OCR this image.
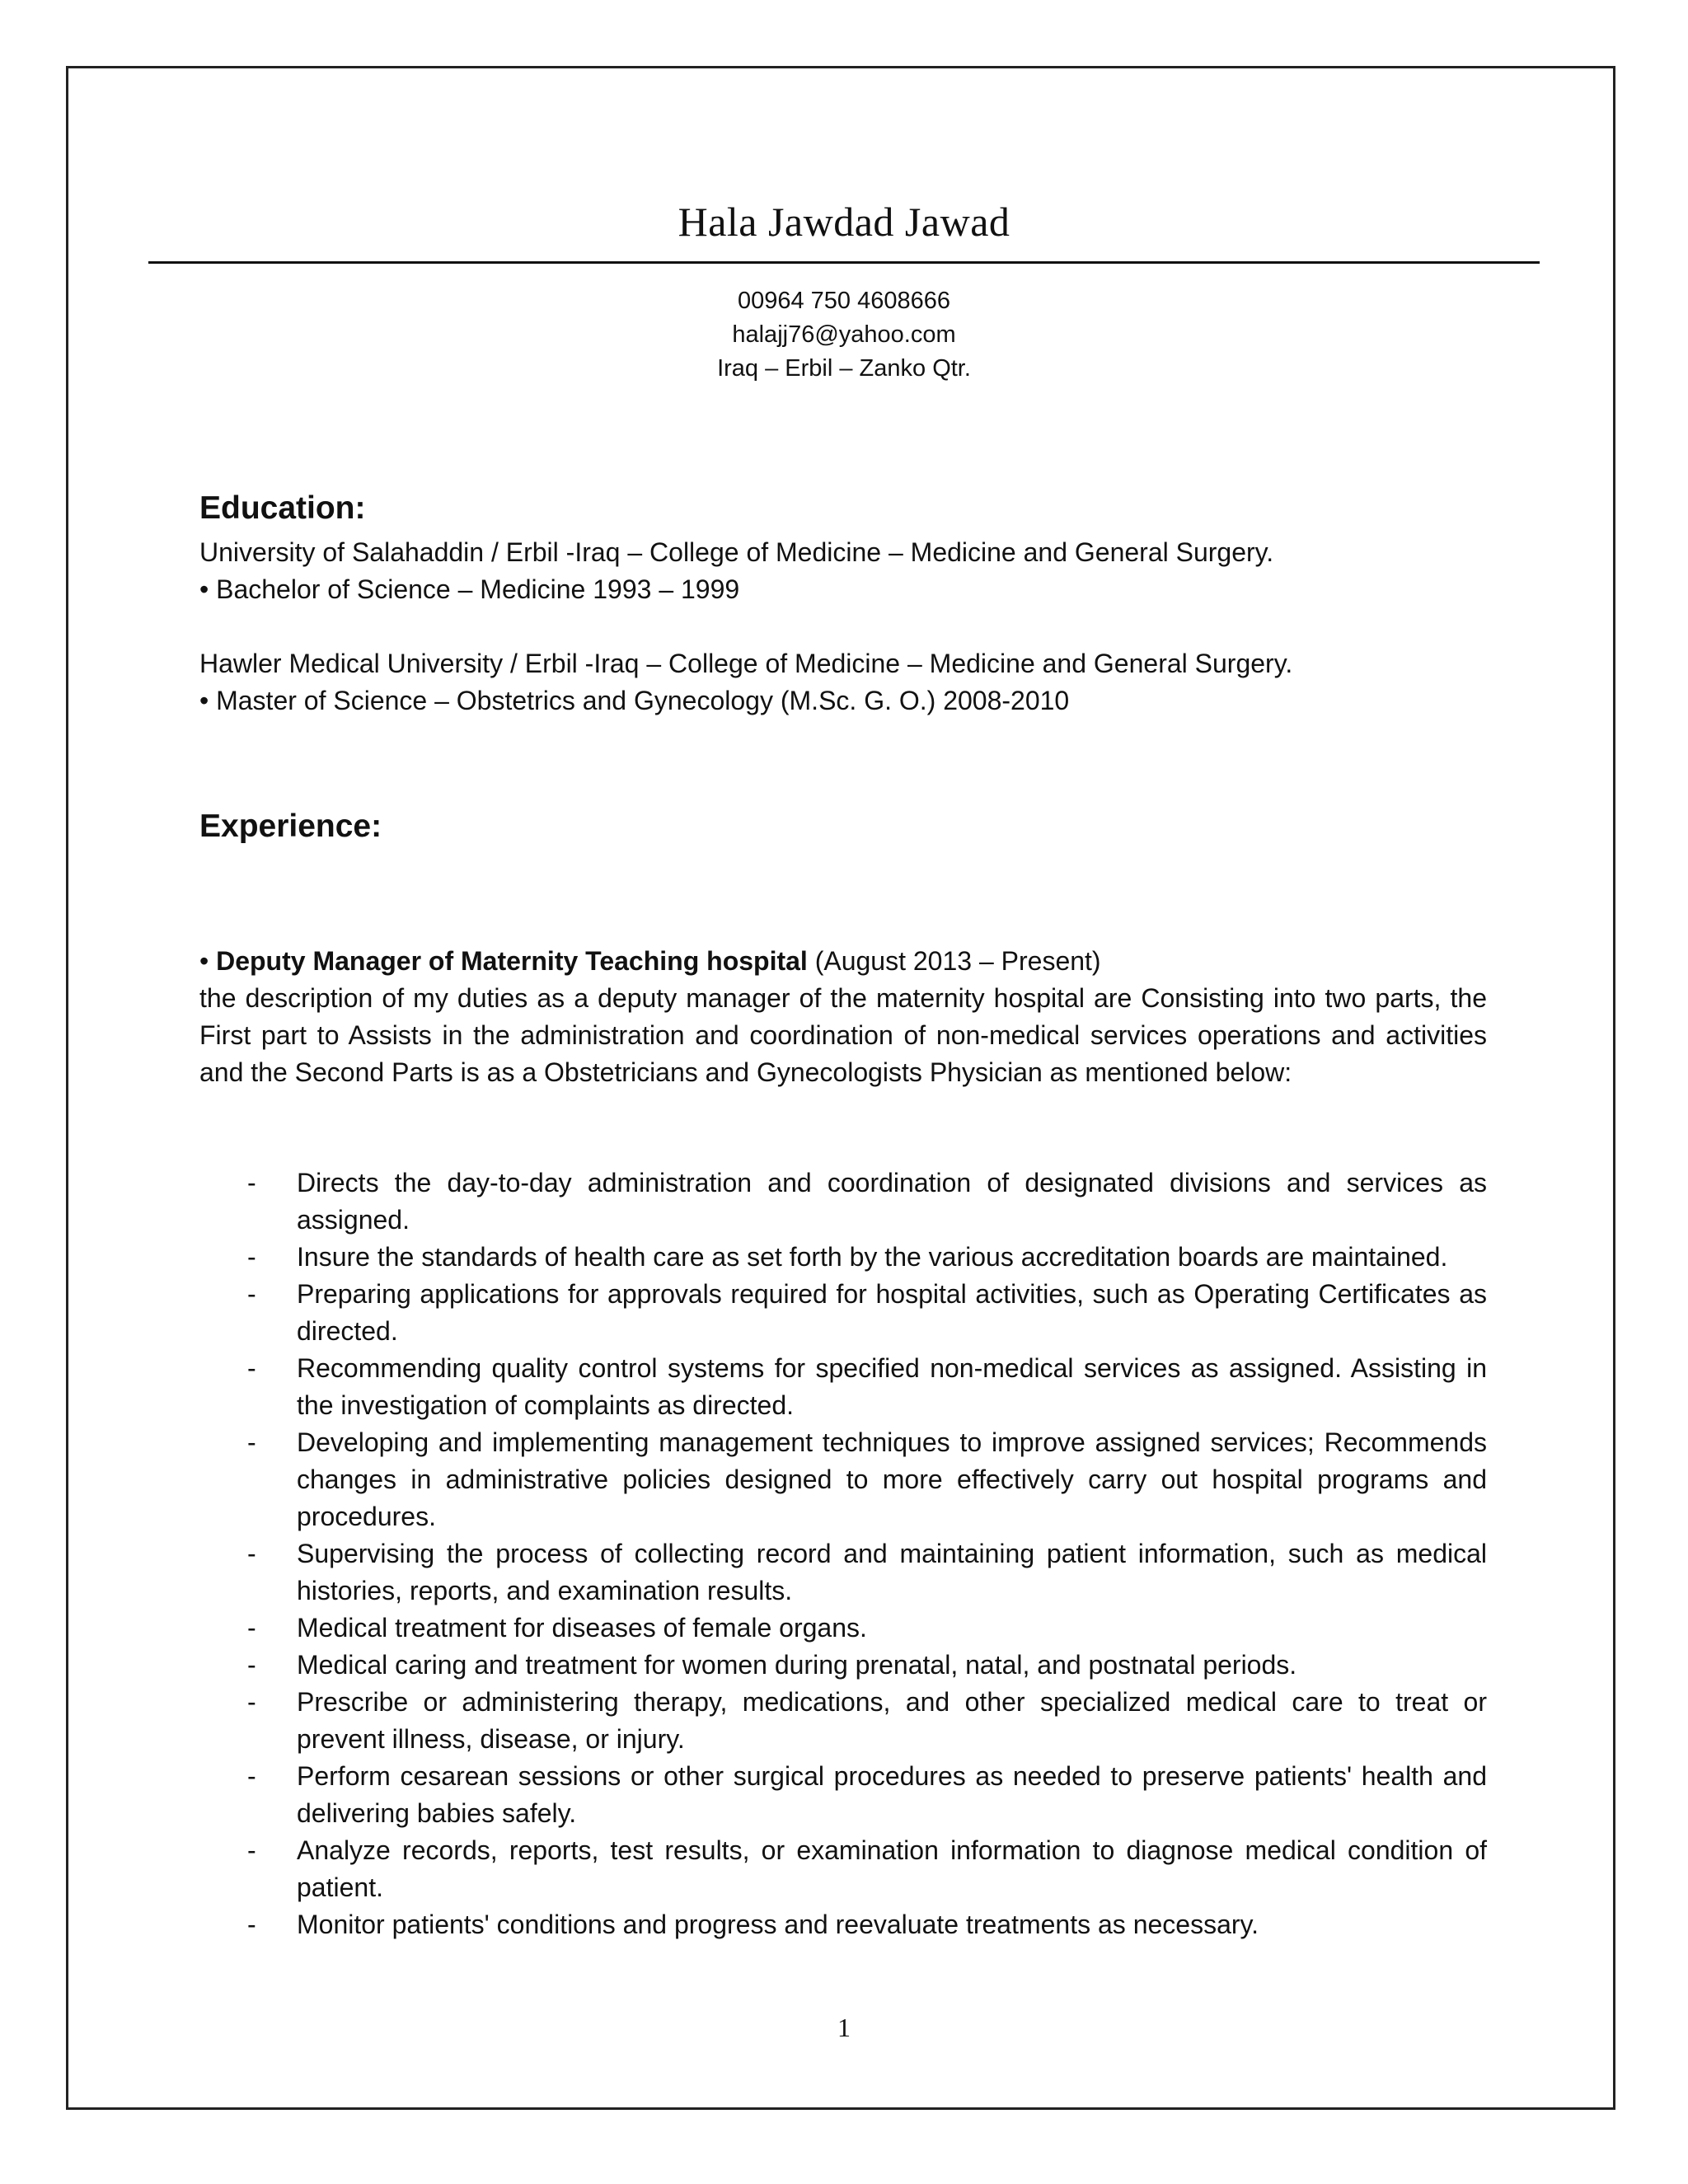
Hala Jawdad Jawad
00964 750 4608666
halajj76@yahoo.com
Iraq – Erbil – Zanko Qtr.
Education:
University of Salahaddin / Erbil -Iraq – College of Medicine – Medicine and General Surgery.
• Bachelor of Science – Medicine 1993 – 1999
Hawler Medical University / Erbil -Iraq – College of Medicine – Medicine and General Surgery.
• Master of Science – Obstetrics and Gynecology (M.Sc. G. O.) 2008-2010
Experience:
• Deputy Manager of Maternity Teaching hospital (August 2013 – Present)
the description of my duties as a deputy manager of the maternity hospital are Consisting into two parts, the First part to Assists in the administration and coordination of non-medical services operations and activities and the Second Parts is as a Obstetricians and Gynecologists Physician as mentioned below:
- Directs the day-to-day administration and coordination of designated divisions and services as assigned.
- Insure the standards of health care as set forth by the various accreditation boards are maintained.
- Preparing applications for approvals required for hospital activities, such as Operating Certificates as directed.
- Recommending quality control systems for specified non-medical services as assigned. Assisting in the investigation of complaints as directed.
- Developing and implementing management techniques to improve assigned services; Recommends changes in administrative policies designed to more effectively carry out hospital programs and procedures.
- Supervising the process of collecting record and maintaining patient information, such as medical histories, reports, and examination results.
- Medical treatment for diseases of female organs.
- Medical caring and treatment for women during prenatal, natal, and postnatal periods.
- Prescribe or administering therapy, medications, and other specialized medical care to treat or prevent illness, disease, or injury.
- Perform cesarean sessions or other surgical procedures as needed to preserve patients' health and delivering babies safely.
- Analyze records, reports, test results, or examination information to diagnose medical condition of patient.
- Monitor patients' conditions and progress and reevaluate treatments as necessary.
1
